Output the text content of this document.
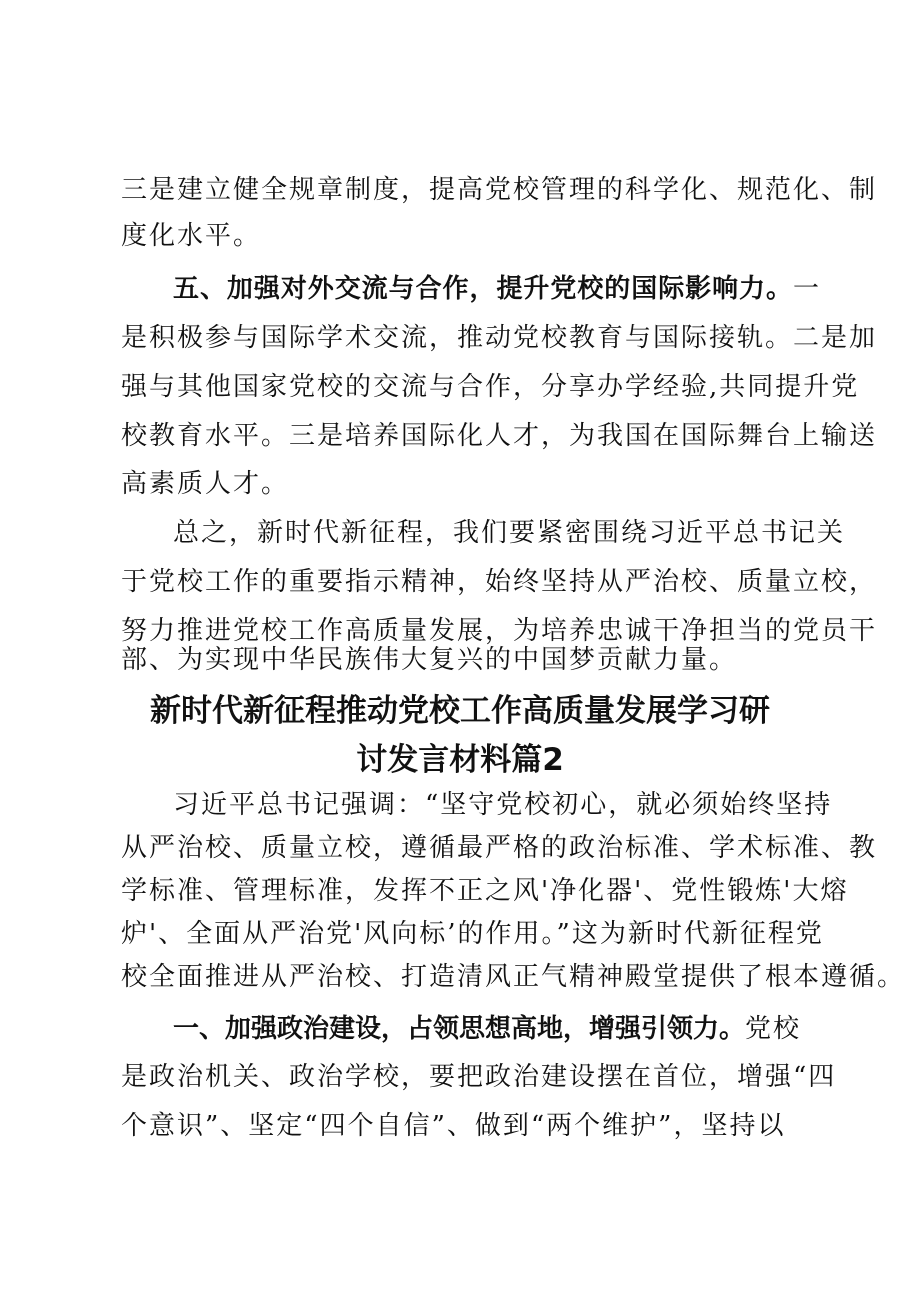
三是建立健全规章制度，提高党校管理的科学化、规范化、制
度化水平。
五、加强对外交流与合作，提升党校的国际影响力。一
是积极参与国际学术交流，推动党校教育与国际接轨。二是加
强与其他国家党校的交流与合作，分享办学经验,共同提升党
校教育水平。三是培养国际化人才，为我国在国际舞台上输送
高素质人才。
总之，新时代新征程，我们要紧密围绕习近平总书记关
于党校工作的重要指示精神，始终坚持从严治校、质量立校，
努力推进党校工作高质量发展，为培养忠诚干净担当的党员干
部、为实现中华民族伟大复兴的中国梦贡献力量。
新时代新征程推动党校工作高质量发展学习研
讨发言材料篇2
习近平总书记强调：“坚守党校初心，就必须始终坚持
从严治校、质量立校，遵循最严格的政治标准、学术标准、教
学标准、管理标准，发挥不正之风'净化器'、党性锻炼'大熔
炉'、全面从严治党'风向标’的作用。”这为新时代新征程党
校全面推进从严治校、打造清风正气精神殿堂提供了根本遵循。
一、加强政治建设，占领思想高地，增强引领力。党校
是政治机关、政治学校，要把政治建设摆在首位，增强“四
个意识”、坚定“四个自信”、做到“两个维护”，坚持以
